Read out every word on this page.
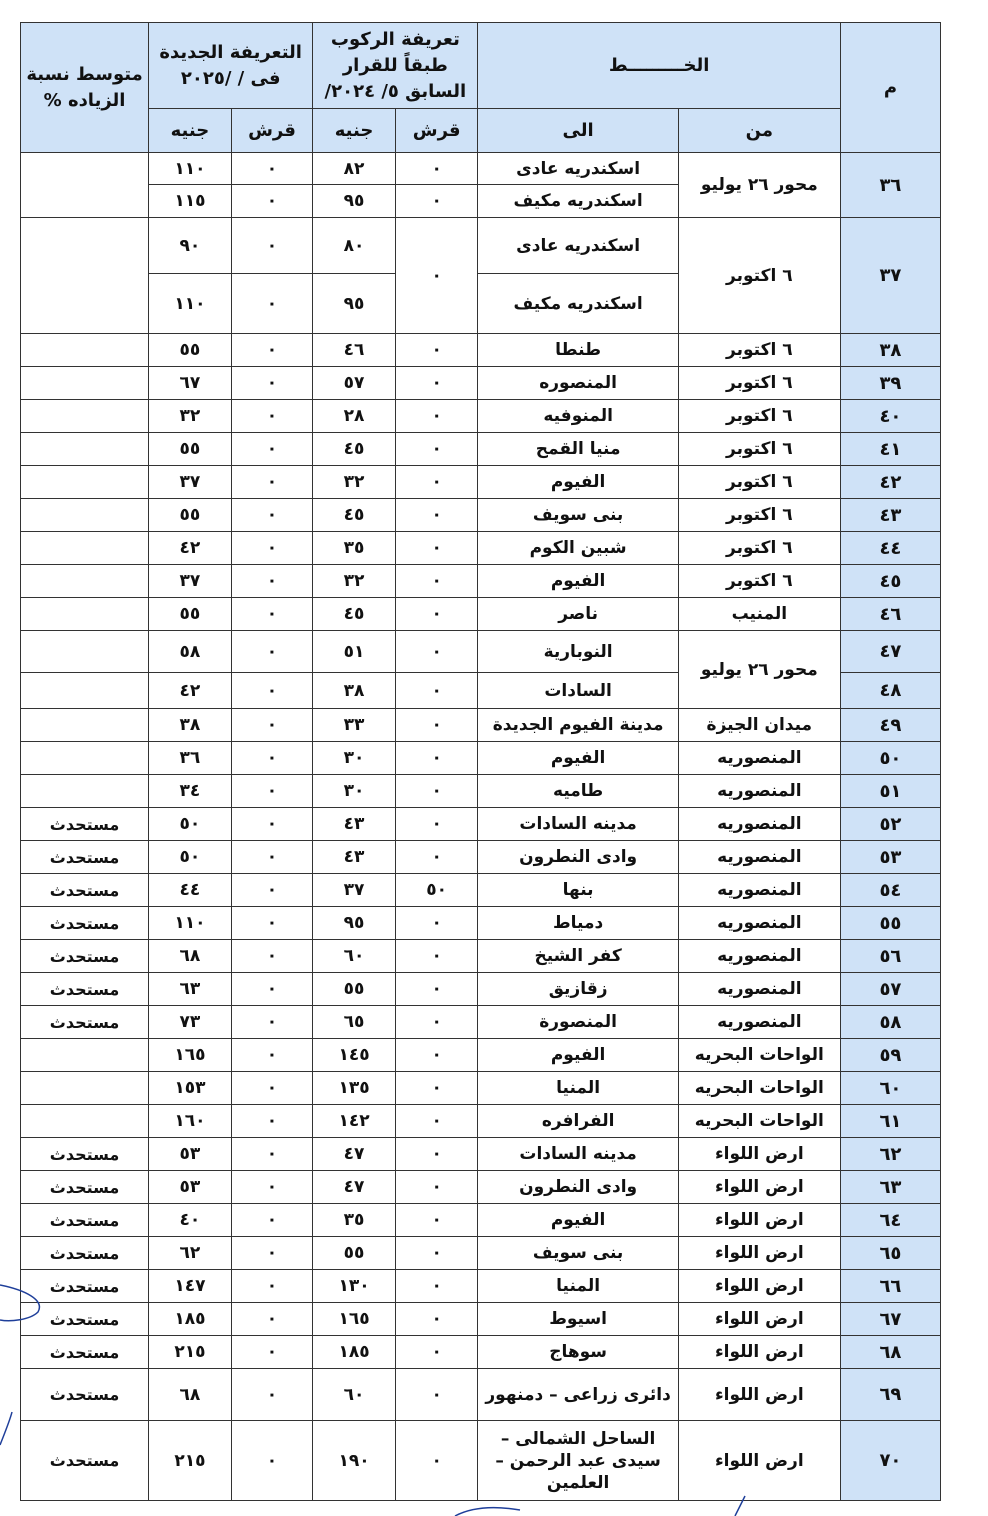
م	الخـــــــــط		تعريفة الركوب طبقاً للقرار السابق ٥/ ٢٠٢٤/		التعريفة الجديدة فى / /٢٠٢٥		متوسط نسبة الزياده %
	من	الى	قرش	جنيه	قرش	جنيه	
٣٦	محور ٢٦ يوليو	اسكندريه عادى	٠	٨٢	٠	١١٠	
		اسكندريه مكيف	٠	٩٥	٠	١١٥	
٣٧	٦ اكتوبر	اسكندريه عادى	٠	٨٠	٠	٩٠	
		اسكندريه مكيف		٩٥	٠	١١٠	
٣٨	٦ اكتوبر	طنطا	٠	٤٦	٠	٥٥	
٣٩	٦ اكتوبر	المنصوره	٠	٥٧	٠	٦٧	
٤٠	٦ اكتوبر	المنوفيه	٠	٢٨	٠	٣٢	
٤١	٦ اكتوبر	منيا القمح	٠	٤٥	٠	٥٥	
٤٢	٦ اكتوبر	الفيوم	٠	٣٢	٠	٣٧	
٤٣	٦ اكتوبر	بنى سويف	٠	٤٥	٠	٥٥	
٤٤	٦ اكتوبر	شبين الكوم	٠	٣٥	٠	٤٢	
٤٥	٦ اكتوبر	الفيوم	٠	٣٢	٠	٣٧	
٤٦	المنيب	ناصر	٠	٤٥	٠	٥٥	
٤٧	محور ٢٦ يوليو	النوبارية	٠	٥١	٠	٥٨	
٤٨		السادات	٠	٣٨	٠	٤٢	
٤٩	ميدان الجيزة	مدينة الفيوم الجديدة	٠	٣٣	٠	٣٨	
٥٠	المنصوريه	الفيوم	٠	٣٠	٠	٣٦	
٥١	المنصوريه	طاميه	٠	٣٠	٠	٣٤	
٥٢	المنصوريه	مدينه السادات	٠	٤٣	٠	٥٠	مستحدث
٥٣	المنصوريه	وادى النطرون	٠	٤٣	٠	٥٠	مستحدث
٥٤	المنصوريه	بنها	٥٠	٣٧	٠	٤٤	مستحدث
٥٥	المنصوريه	دمياط	٠	٩٥	٠	١١٠	مستحدث
٥٦	المنصوريه	كفر الشيخ	٠	٦٠	٠	٦٨	مستحدث
٥٧	المنصوريه	زقازيق	٠	٥٥	٠	٦٣	مستحدث
٥٨	المنصوريه	المنصورة	٠	٦٥	٠	٧٣	مستحدث
٥٩	الواحات البحريه	الفيوم	٠	١٤٥	٠	١٦٥	
٦٠	الواحات البحريه	المنيا	٠	١٣٥	٠	١٥٣	
٦١	الواحات البحريه	الفرافره	٠	١٤٢	٠	١٦٠	
٦٢	ارض اللواء	مدينه السادات	٠	٤٧	٠	٥٣	مستحدث
٦٣	ارض اللواء	وادى النطرون	٠	٤٧	٠	٥٣	مستحدث
٦٤	ارض اللواء	الفيوم	٠	٣٥	٠	٤٠	مستحدث
٦٥	ارض اللواء	بنى سويف	٠	٥٥	٠	٦٢	مستحدث
٦٦	ارض اللواء	المنيا	٠	١٣٠	٠	١٤٧	مستحدث
٦٧	ارض اللواء	اسيوط	٠	١٦٥	٠	١٨٥	مستحدث
٦٨	ارض اللواء	سوهاج	٠	١٨٥	٠	٢١٥	مستحدث
٦٩	ارض اللواء	دائرى زراعى – دمنهور	٠	٦٠	٠	٦٨	مستحدث
٧٠	ارض اللواء	الساحل الشمالى – سيدى عبد الرحمن – العلمين	٠	١٩٠	٠	٢١٥	مستحدث
